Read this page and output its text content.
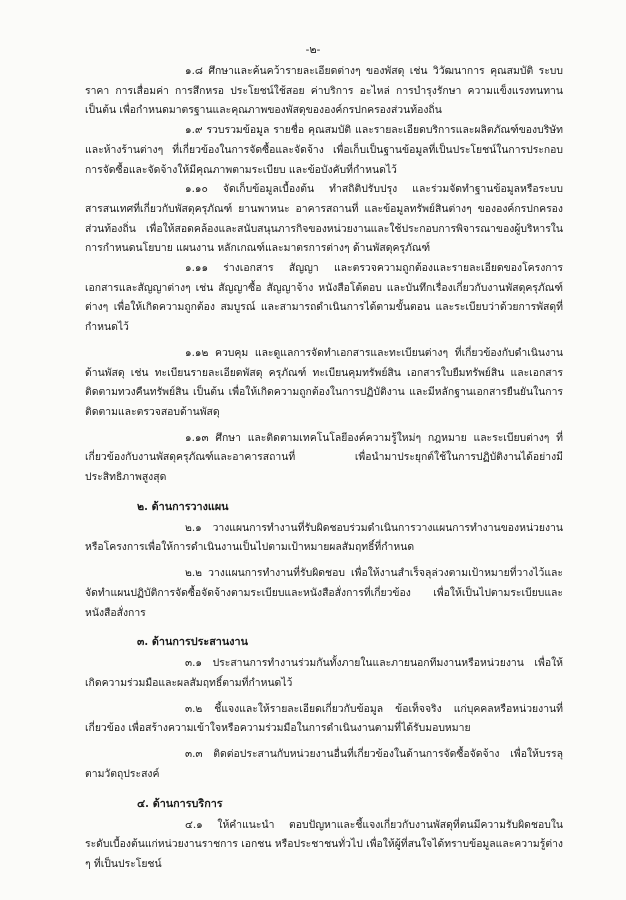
-๒-

๑.๘ ศึกษาและค้นคว้ารายละเอียดต่างๆ ของพัสดุ เช่น วิวัฒนาการ คุณสมบัติ ระบบราคา การเสื่อมค่า การสึกหรอ ประโยชน์ใช้สอย ค่าบริการ อะไหล่ การบำรุงรักษา ความแข็งแรงทนทาน เป็นต้น เพื่อกำหนดมาตรฐานและคุณภาพของพัสดุขององค์กรปกครองส่วนท้องถิ่น

๑.๙ รวบรวมข้อมูล รายชื่อ คุณสมบัติ และรายละเอียดบริการและผลิตภัณฑ์ของบริษัทและห้างร้านต่างๆ ที่เกี่ยวข้องในการจัดซื้อและจัดจ้าง เพื่อเก็บเป็นฐานข้อมูลที่เป็นประโยชน์ในการประกอบการจัดซื้อและจัดจ้างให้มีคุณภาพตามระเบียบ และข้อบังคับที่กำหนดไว้

๑.๑๐ จัดเก็บข้อมูลเบื้องต้น ทำสถิติปรับปรุง และร่วมจัดทำฐานข้อมูลหรือระบบสารสนเทศที่เกี่ยวกับพัสดุครุภัณฑ์ ยานพาหนะ อาคารสถานที่ และข้อมูลทรัพย์สินต่างๆ ขององค์กรปกครองส่วนท้องถิ่น เพื่อให้สอดคล้องและสนับสนุนภารกิจของหน่วยงานและใช้ประกอบการพิจารณาของผู้บริหารในการกำหนดนโยบาย แผนงาน หลักเกณฑ์และมาตรการต่างๆ ด้านพัสดุครุภัณฑ์

๑.๑๑ ร่างเอกสาร สัญญา และตรวจความถูกต้องและรายละเอียดของโครงการ เอกสารและสัญญาต่างๆ เช่น สัญญาซื้อ สัญญาจ้าง หนังสือโต้ตอบ และบันทึกเรื่องเกี่ยวกับงานพัสดุครุภัณฑ์ต่างๆ เพื่อให้เกิดความถูกต้อง สมบูรณ์ และสามารถดำเนินการได้ตามขั้นตอน และระเบียบว่าด้วยการพัสดุที่กำหนดไว้

๑.๑๒ ควบคุม และดูแลการจัดทำเอกสารและทะเบียนต่างๆ ที่เกี่ยวข้องกับดำเนินงานด้านพัสดุ เช่น ทะเบียนรายละเอียดพัสดุ ครุภัณฑ์ ทะเบียนคุมทรัพย์สิน เอกสารใบยืมทรัพย์สิน และเอกสารติดตามทวงคืนทรัพย์สิน เป็นต้น เพื่อให้เกิดความถูกต้องในการปฏิบัติงาน และมีหลักฐานเอกสารยืนยันในการติดตามและตรวจสอบด้านพัสดุ

๑.๑๓ ศึกษา และติดตามเทคโนโลยีองค์ความรู้ใหม่ๆ กฎหมาย และระเบียบต่างๆ ที่เกี่ยวข้องกับงานพัสดุครุภัณฑ์และอาคารสถานที่ เพื่อนำมาประยุกต์ใช้ในการปฏิบัติงานได้อย่างมีประสิทธิภาพสูงสุด

๒. ด้านการวางแผน

๒.๑ วางแผนการทำงานที่รับผิดชอบร่วมดำเนินการวางแผนการทำงานของหน่วยงานหรือโครงการเพื่อให้การดำเนินงานเป็นไปตามเป้าหมายผลสัมฤทธิ์ที่กำหนด

๒.๒ วางแผนการทำงานที่รับผิดชอบ เพื่อให้งานสำเร็จลุล่วงตามเป้าหมายที่วางไว้และจัดทำแผนปฏิบัติการจัดซื้อจัดจ้างตามระเบียบและหนังสือสั่งการที่เกี่ยวข้อง เพื่อให้เป็นไปตามระเบียบและหนังสือสั่งการ

๓. ด้านการประสานงาน

๓.๑ ประสานการทำงานร่วมกันทั้งภายในและภายนอกทีมงานหรือหน่วยงาน เพื่อให้เกิดความร่วมมือและผลสัมฤทธิ์ตามที่กำหนดไว้

๓.๒ ชี้แจงและให้รายละเอียดเกี่ยวกับข้อมูล ข้อเท็จจริง แก่บุคคลหรือหน่วยงานที่เกี่ยวข้อง เพื่อสร้างความเข้าใจหรือความร่วมมือในการดำเนินงานตามที่ได้รับมอบหมาย

๓.๓ ติดต่อประสานกับหน่วยงานอื่นที่เกี่ยวข้องในด้านการจัดซื้อจัดจ้าง เพื่อให้บรรลุตามวัตถุประสงค์

๔. ด้านการบริการ

๔.๑ ให้คำแนะนำ ตอบปัญหาและชี้แจงเกี่ยวกับงานพัสดุที่ตนมีความรับผิดชอบในระดับเบื้องต้นแก่หน่วยงานราชการ เอกชน หรือประชาชนทั่วไป เพื่อให้ผู้ที่สนใจได้ทราบข้อมูลและความรู้ต่าง ๆ ที่เป็นประโยชน์
